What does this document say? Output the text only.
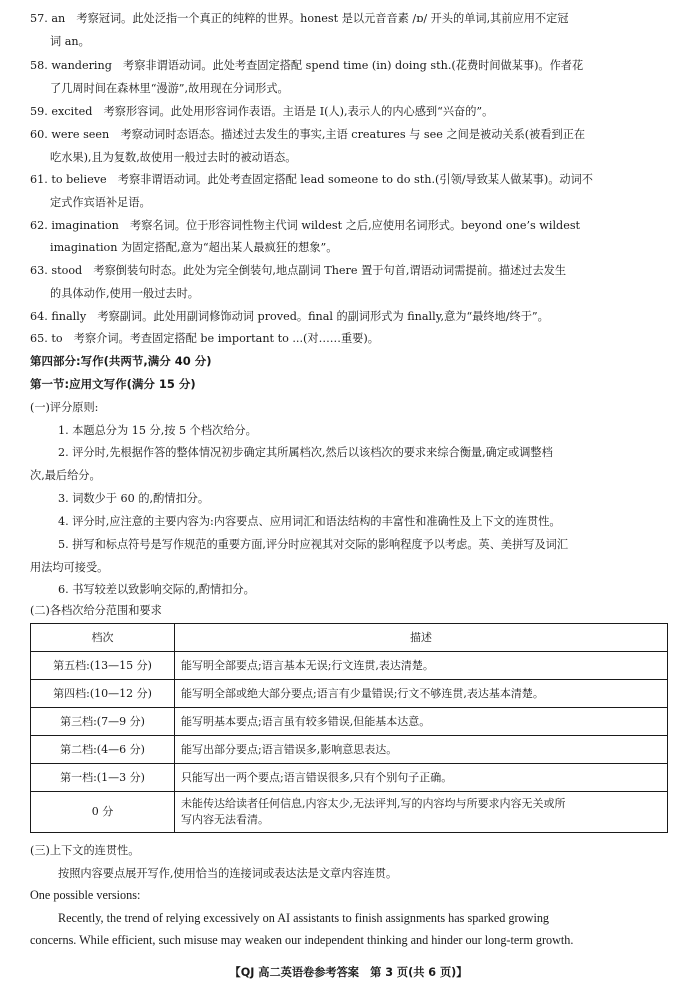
57. an　考察冠词。此处泛指一个真正的纯粹的世界。honest 是以元音音素 /ɒ/ 开头的单词,其前应用不定冠
词 an。
58. wandering　考察非谓语动词。此处考查固定搭配 spend time (in) doing sth.(花费时间做某事)。作者花
了几周时间在森林里“漫游”,故用现在分词形式。
59. excited　考察形容词。此处用形容词作表语。主语是 I(人),表示人的内心感到“兴奋的”。
60. were seen　考察动词时态语态。描述过去发生的事实,主语 creatures 与 see 之间是被动关系(被看到正在
吃水果),且为复数,故使用一般过去时的被动语态。
61. to believe　考察非谓语动词。此处考查固定搭配 lead someone to do sth.(引领/导致某人做某事)。动词不
定式作宾语补足语。
62. imagination　考察名词。位于形容词性物主代词 wildest 之后,应使用名词形式。beyond one’s wildest
imagination 为固定搭配,意为“超出某人最疯狂的想象”。
63. stood　考察倒装句时态。此处为完全倒装句,地点副词 There 置于句首,谓语动词需提前。描述过去发生
的具体动作,使用一般过去时。
64. finally　考察副词。此处用副词修饰动词 proved。final 的副词形式为 finally,意为“最终地/终于”。
65. to　考察介词。考查固定搭配 be important to ...(对……重要)。
第四部分:写作(共两节,满分 40 分)
第一节:应用文写作(满分 15 分)
(一)评分原则:
1. 本题总分为 15 分,按 5 个档次给分。
2. 评分时,先根据作答的整体情况初步确定其所属档次,然后以该档次的要求来综合衡量,确定或调整档
次,最后给分。
3. 词数少于 60 的,酌情扣分。
4. 评分时,应注意的主要内容为:内容要点、应用词汇和语法结构的丰富性和准确性及上下文的连贯性。
5. 拼写和标点符号是写作规范的重要方面,评分时应视其对交际的影响程度予以考虑。英、美拼写及词汇
用法均可接受。
6. 书写较差以致影响交际的,酌情扣分。
(二)各档次给分范围和要求
档次	描述
第五档:(13—15 分)	能写明全部要点;语言基本无误;行文连贯,表达清楚。
第四档:(10—12 分)	能写明全部或绝大部分要点;语言有少量错误;行文不够连贯,表达基本清楚。
第三档:(7—9 分)	能写明基本要点;语言虽有较多错误,但能基本达意。
第二档:(4—6 分)	能写出部分要点;语言错误多,影响意思表达。
第一档:(1—3 分)	只能写出一两个要点;语言错误很多,只有个别句子正确。
0 分	未能传达给读者任何信息,内容太少,无法评判,写的内容均与所要求内容无关或所
写内容无法看清。
(三)上下文的连贯性。
按照内容要点展开写作,使用恰当的连接词或表达法是文章内容连贯。
One possible versions:
Recently, the trend of relying excessively on AI assistants to finish assignments has sparked growing
concerns. While efficient, such misuse may weaken our independent thinking and hinder our long-term growth.
【QJ 高二英语卷参考答案　第 3 页(共 6 页)】
